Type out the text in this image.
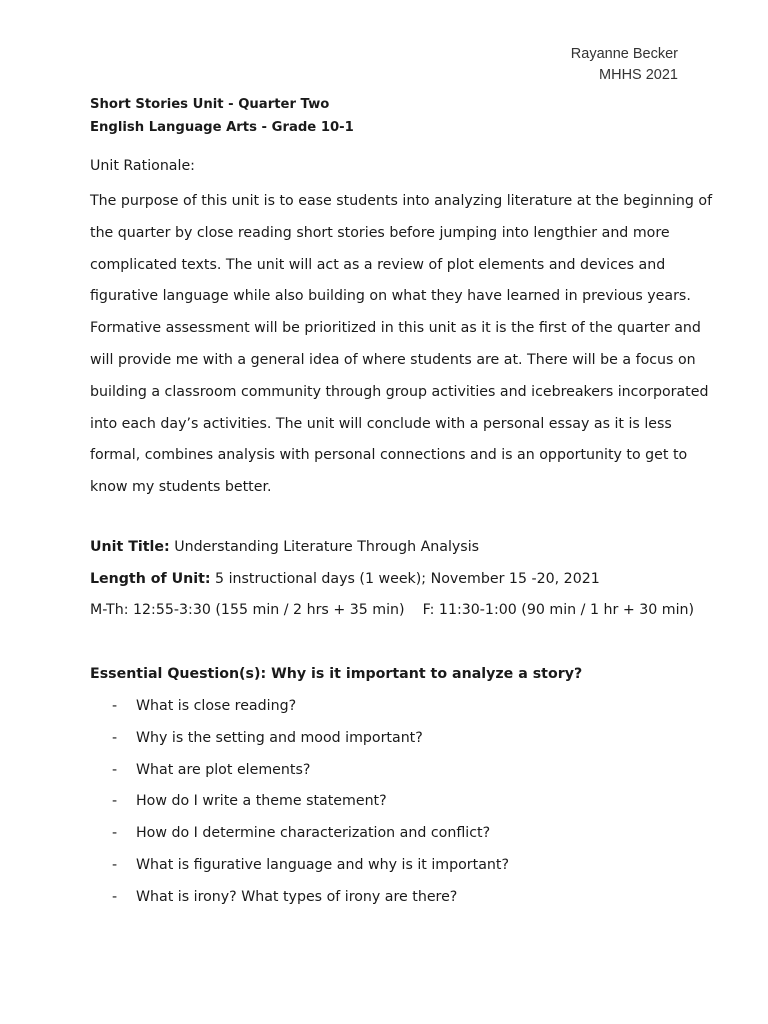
Rayanne Becker
MHHS 2021
Short Stories Unit - Quarter Two
English Language Arts - Grade 10-1
Unit Rationale:
The purpose of this unit is to ease students into analyzing literature at the beginning of
the quarter by close reading short stories before jumping into lengthier and more
complicated texts. The unit will act as a review of plot elements and devices and
figurative language while also building on what they have learned in previous years.
Formative assessment will be prioritized in this unit as it is the first of the quarter and
will provide me with a general idea of where students are at. There will be a focus on
building a classroom community through group activities and icebreakers incorporated
into each day’s activities. The unit will conclude with a personal essay as it is less
formal, combines analysis with personal connections and is an opportunity to get to
know my students better.
Unit Title: Understanding Literature Through Analysis
Length of Unit: 5 instructional days (1 week); November 15 -20, 2021
M-Th: 12:55-3:30 (155 min / 2 hrs + 35 min) F: 11:30-1:00 (90 min / 1 hr + 30 min)
Essential Question(s): Why is it important to analyze a story?
- What is close reading?
- Why is the setting and mood important?
- What are plot elements?
- How do I write a theme statement?
- How do I determine characterization and conflict?
- What is figurative language and why is it important?
- What is irony? What types of irony are there?
